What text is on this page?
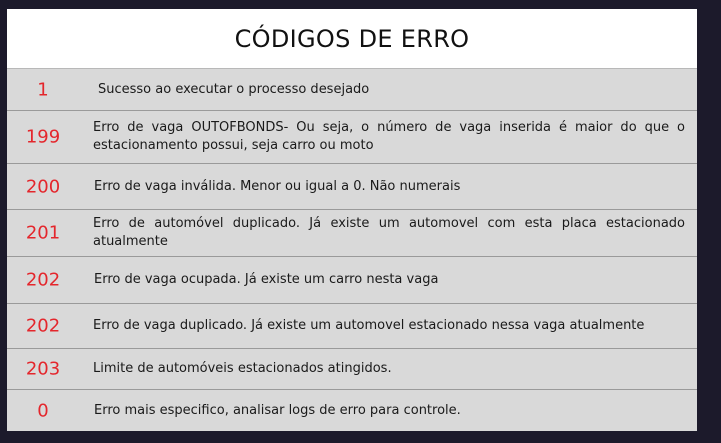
CÓDIGOS DE ERRO
1	Sucesso ao executar o processo desejado
199	Erro de vaga OUTOFBONDS- Ou seja, o número de vaga inserida é maior do que o estacionamento possui, seja carro ou moto
200	Erro de vaga inválida. Menor ou igual a 0. Não numerais
201	Erro de automóvel duplicado. Já existe um automovel com esta placa estacionado atualmente
202	Erro de vaga ocupada. Já existe um carro nesta vaga
202	Erro de vaga duplicado. Já existe um automovel estacionado nessa vaga atualmente
203	Limite de automóveis estacionados atingidos.
0	Erro mais especifico, analisar logs de erro para controle.
